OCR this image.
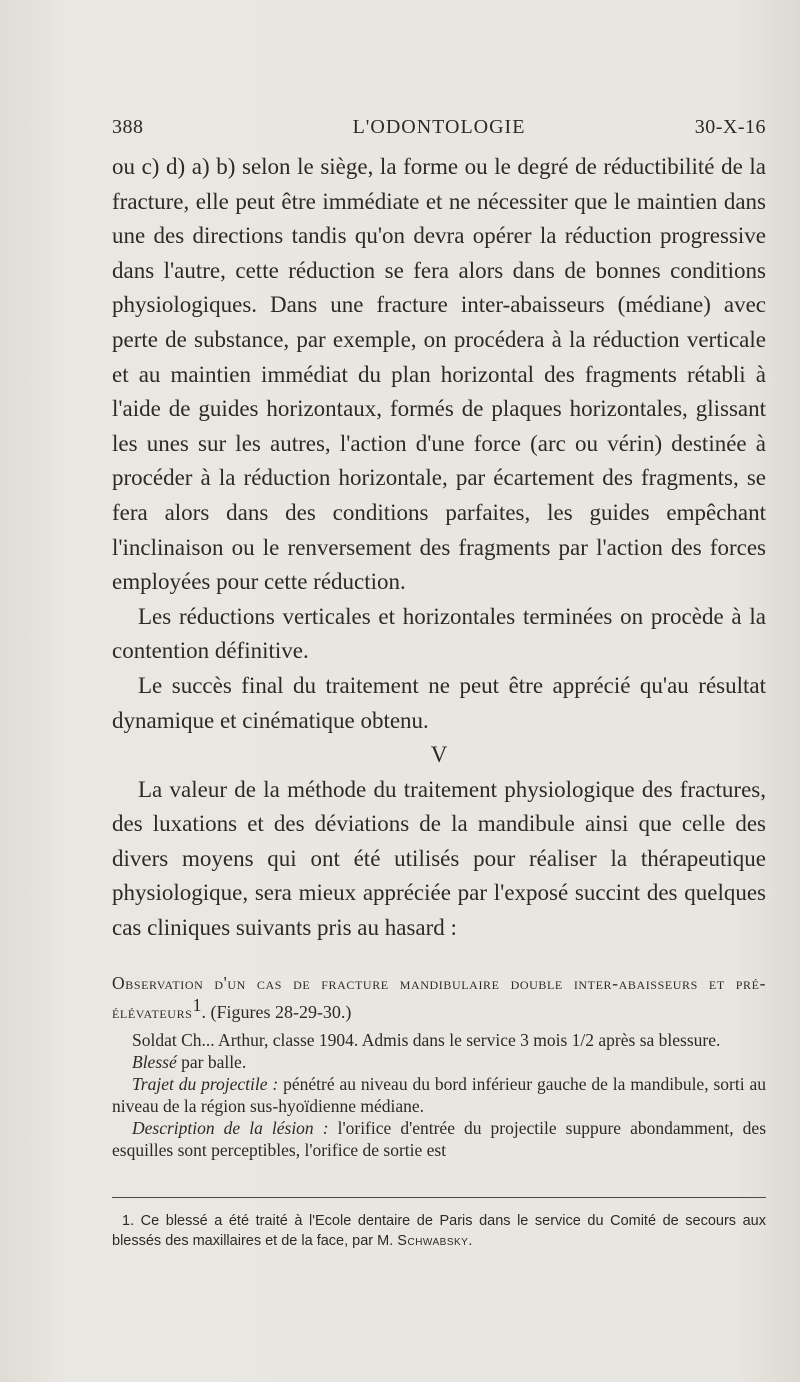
388	L'ODONTOLOGIE	30-X-16

ou c) d) a) b) selon le siège, la forme ou le degré de réductibilité de la fracture, elle peut être immédiate et ne nécessiter que le maintien dans une des directions tandis qu'on devra opérer la réduction progressive dans l'autre, cette réduction se fera alors dans de bonnes conditions physiologiques. Dans une fracture inter-abaisseurs (médiane) avec perte de substance, par exemple, on procédera à la réduction verticale et au maintien immédiat du plan horizontal des fragments rétabli à l'aide de guides horizontaux, formés de plaques horizontales, glissant les unes sur les autres, l'action d'une force (arc ou vérin) destinée à procéder à la réduction horizontale, par écartement des fragments, se fera alors dans des conditions parfaites, les guides empêchant l'inclinaison ou le renversement des fragments par l'action des forces employées pour cette réduction.

Les réductions verticales et horizontales terminées on procède à la contention définitive.

Le succès final du traitement ne peut être apprécié qu'au résultat dynamique et cinématique obtenu.

V

La valeur de la méthode du traitement physiologique des fractures, des luxations et des déviations de la mandibule ainsi que celle des divers moyens qui ont été utilisés pour réaliser la thérapeutique physiologique, sera mieux appréciée par l'exposé succint des quelques cas cliniques suivants pris au hasard :

Observation d'un cas de fracture mandibulaire double inter-abaisseurs et pré-élévateurs$^1$. (Figures 28-29-30.)

Soldat Ch... Arthur, classe 1904. Admis dans le service 3 mois 1/2 après sa blessure.

Blessé par balle.

Trajet du projectile : pénétré au niveau du bord inférieur gauche de la mandibule, sorti au niveau de la région sus-hyoïdienne médiane.

Description de la lésion : l'orifice d'entrée du projectile suppure abondamment, des esquilles sont perceptibles, l'orifice de sortie est

1. Ce blessé a été traité à l'Ecole dentaire de Paris dans le service du Comité de secours aux blessés des maxillaires et de la face, par M. Schwabsky.
